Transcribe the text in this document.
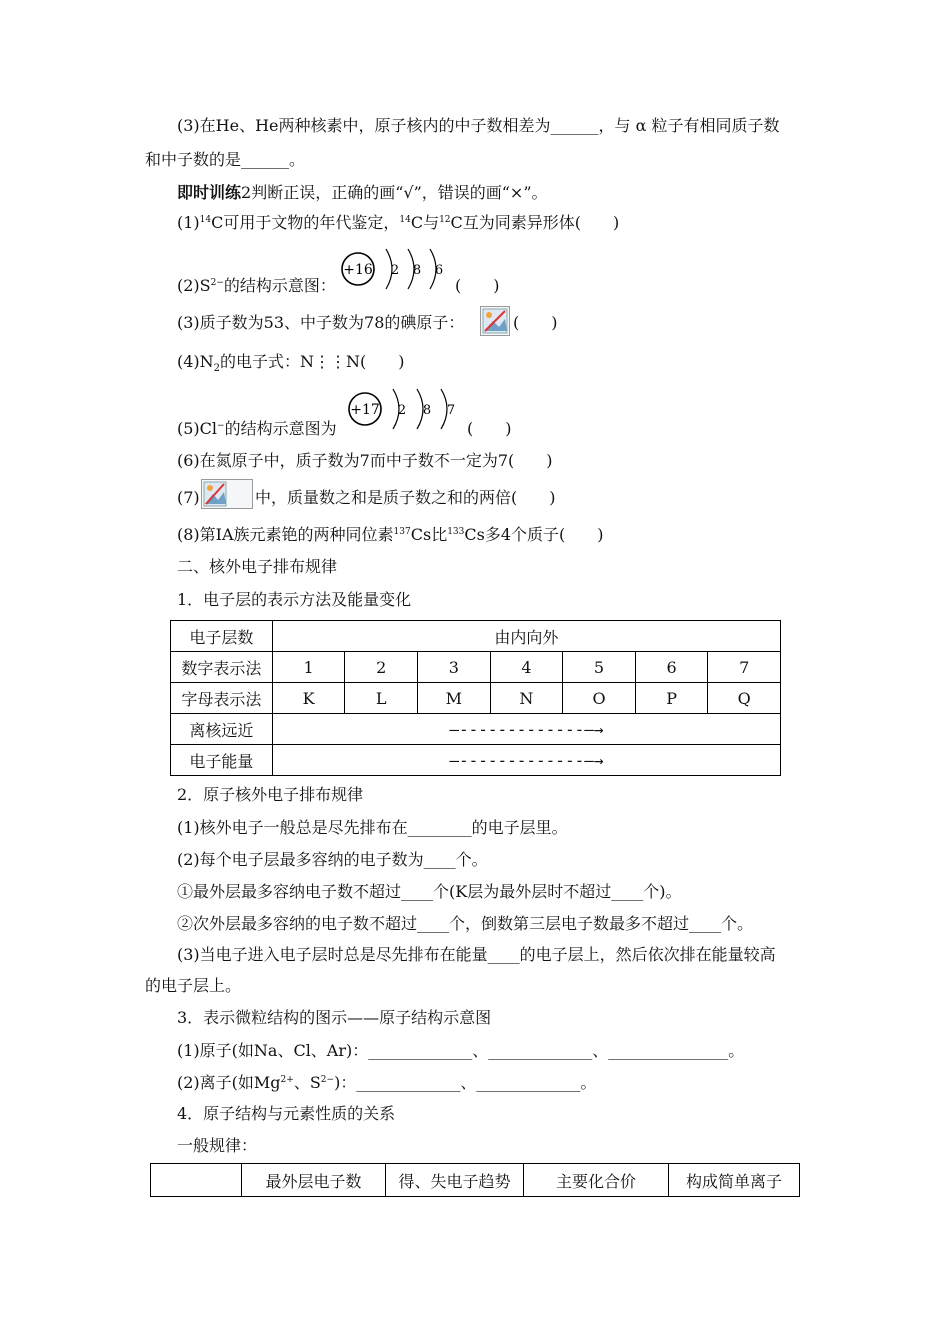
(3)在He、He两种核素中，原子核内的中子数相差为______，与 α 粒子有相同质子数
和中子数的是______。
即时训练2判断正误，正确的画“√”，错误的画“×”。
$(1)^{14}C$可用于文物的年代鉴定，$^{14}$C与$^{12}$C互为同素异形体(　　)
$(2)S^{2-}$的结构示意图：
+16 2 8 6
(　　)
(3)质子数为53、中子数为78的碘原子：	(　　)
$(4)N_2$的电子式：N⋮⋮N(　　)
(5)Cl−的结构示意图为
+17 2 8 7
(　　)
(6)在氮原子中，质子数为7而中子数不一定为7(　　)
(7)	中，质量数之和是质子数之和的两倍(　　)
(8)第ⅠA族元素铯的两种同位素$^{137}$Cs比$^{133}$Cs多4个质子(　　)
二、核外电子排布规律
1．电子层的表示方法及能量变化
电子层数	由内向外						
数字表示法	1	2	3	4	5	6	7
字母表示法	K	L	M	N	O	P	Q
离核远近	—-------------—→						
电子能量	—-------------—→						
2．原子核外电子排布规律
(1)核外电子一般总是尽先排布在________的电子层里。
(2)每个电子层最多容纳的电子数为____个。
①最外层最多容纳电子数不超过____个(K层为最外层时不超过____个)。
②次外层最多容纳的电子数不超过____个，倒数第三层电子数最多不超过____个。
(3)当电子进入电子层时总是尽先排布在能量____的电子层上，然后依次排在能量较高
的电子层上。
3．表示微粒结构的图示——原子结构示意图
(1)原子(如Na、Cl、Ar)：_____________、_____________、_______________。
(2)离子(如$Mg^{2+}$、$S^{2-}$)：_____________、_____________。
4．原子结构与元素性质的关系
一般规律：
	最外层电子数	得、失电子趋势	主要化合价	构成简单离子
